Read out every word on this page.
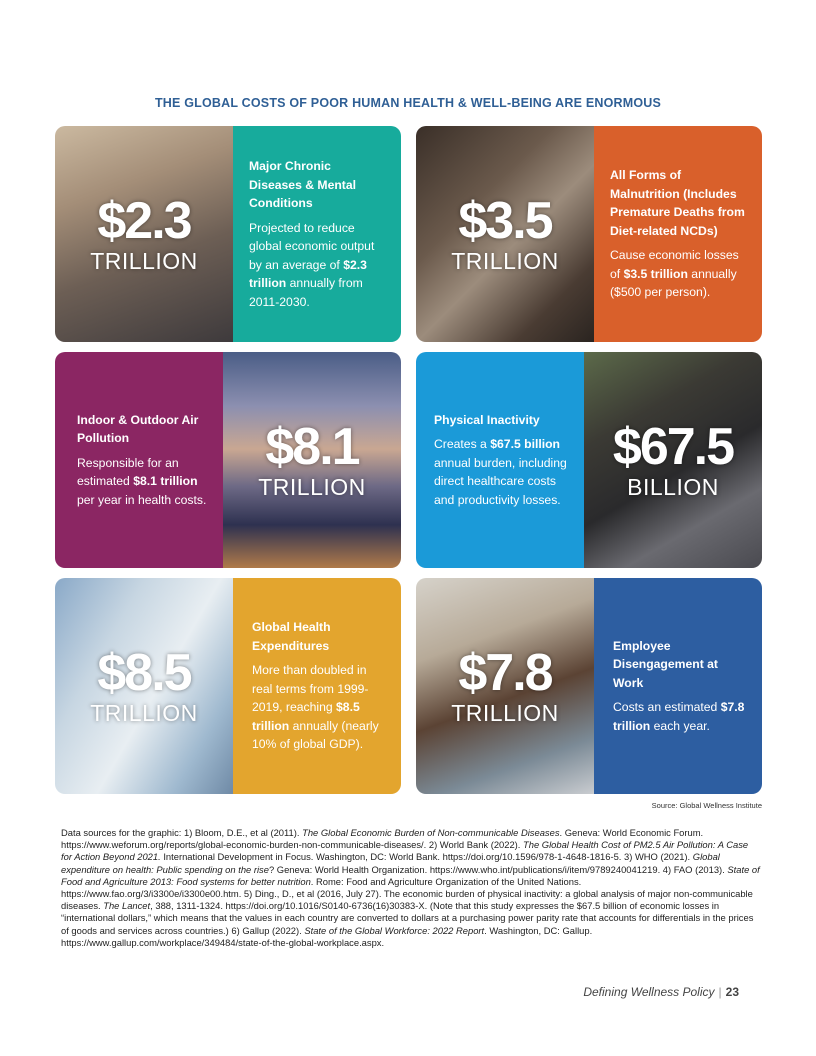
THE GLOBAL COSTS OF POOR HUMAN HEALTH & WELL-BEING ARE ENORMOUS
$2.3
TRILLION
Major Chronic Diseases & Mental Conditions
Projected to reduce global economic output by an average of $2.3 trillion annually from 2011-2030.
$3.5
TRILLION
All Forms of Malnutrition (Includes Premature Deaths from Diet-related NCDs)
Cause economic losses of $3.5 trillion annually ($500 per person).
Indoor & Outdoor Air Pollution
Responsible for an estimated $8.1 trillion per year in health costs.
$8.1
TRILLION
Physical Inactivity
Creates a $67.5 billion annual burden, including direct healthcare costs and productivity losses.
$67.5
BILLION
$8.5
TRILLION
Global Health Expenditures
More than doubled in real terms from 1999-2019, reaching $8.5 trillion annually (nearly 10% of global GDP).
$7.8
TRILLION
Employee Disengagement at Work
Costs an estimated $7.8 trillion each year.
Source: Global Wellness Institute
Data sources for the graphic: 1) Bloom, D.E., et al (2011). The Global Economic Burden of Non-communicable Diseases. Geneva: World Economic Forum. https://www.weforum.org/reports/global-economic-burden-non-communicable-diseases/. 2) World Bank (2022). The Global Health Cost of PM2.5 Air Pollution: A Case for Action Beyond 2021. International Development in Focus. Washington, DC: World Bank. https://doi.org/10.1596/978-1-4648-1816-5. 3) WHO (2021). Global expenditure on health: Public spending on the rise? Geneva: World Health Organization. https://www.who.int/publications/i/item/9789240041219. 4) FAO (2013). State of Food and Agriculture 2013: Food systems for better nutrition. Rome: Food and Agriculture Organization of the United Nations. https://www.fao.org/3/i3300e/i3300e00.htm. 5) Ding., D., et al (2016, July 27). The economic burden of physical inactivity: a global analysis of major non-communicable diseases. The Lancet, 388, 1311-1324. https://doi.org/10.1016/S0140-6736(16)30383-X. (Note that this study expresses the $67.5 billion of economic losses in “international dollars,” which means that the values in each country are converted to dollars at a purchasing power parity rate that accounts for differentials in the prices of goods and services across countries.) 6) Gallup (2022). State of the Global Workforce: 2022 Report. Washington, DC: Gallup. https://www.gallup.com/workplace/349484/state-of-the-global-workplace.aspx.
Defining Wellness Policy | 23
